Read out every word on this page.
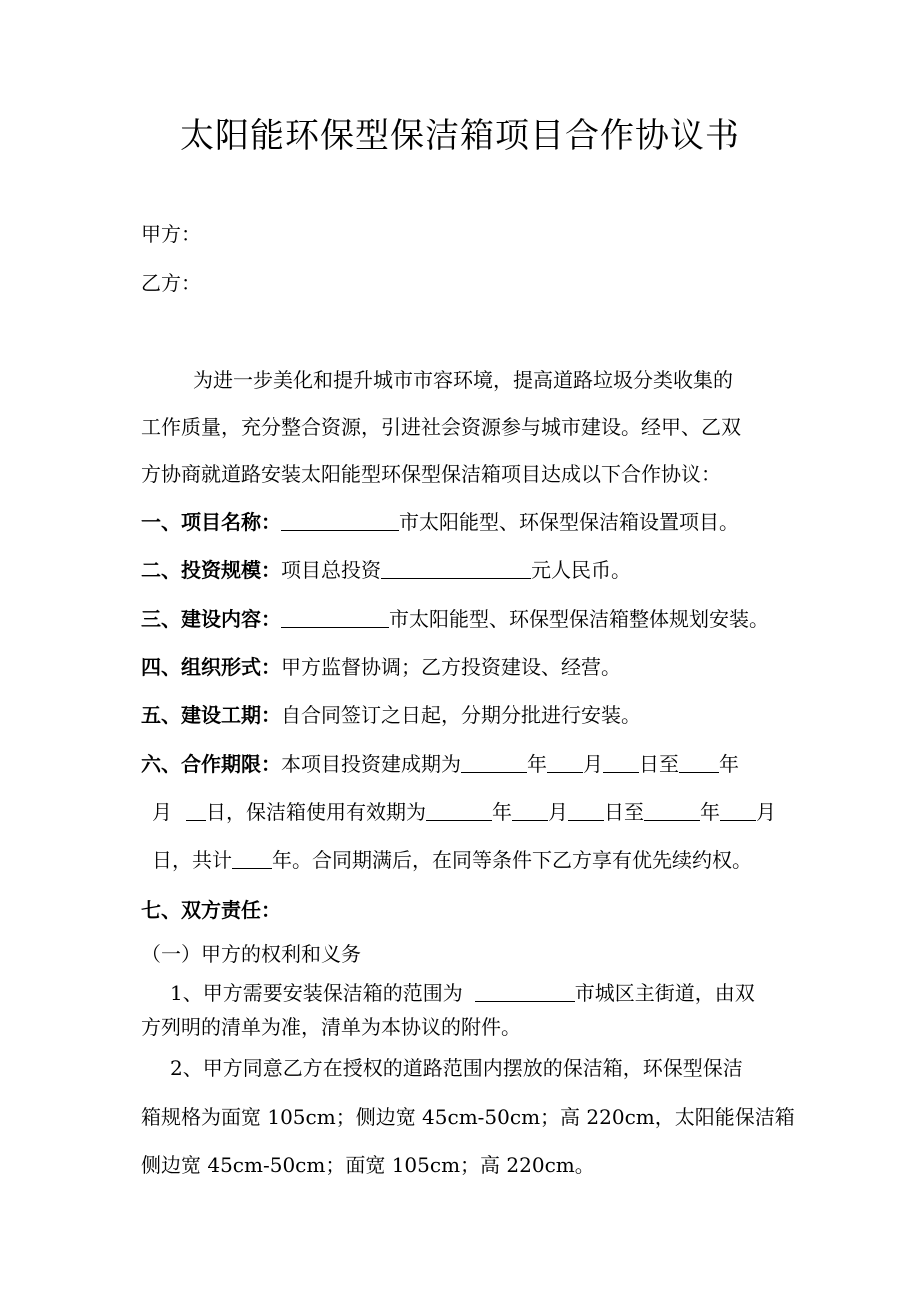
太阳能环保型保洁箱项目合作协议书
甲方：
乙方：
为进一步美化和提升城市市容环境，提高道路垃圾分类收集的
工作质量，充分整合资源，引进社会资源参与城市建设。经甲、乙双
方协商就道路安装太阳能型环保型保洁箱项目达成以下合作协议：
一、项目名称：	市太阳能型、环保型保洁箱设置项目。
二、投资规模：项目总投资	元人民币。
三、建设内容：	市太阳能型、环保型保洁箱整体规划安装。
四、组织形式：甲方监督协调；乙方投资建设、经营。
五、建设工期：自合同签订之日起，分期分批进行安装。
六、合作期限：本项目投资建成期为	年 月 日至 年
月 日，保洁箱使用有效期为	年 月 日至	年 月
日，共计 年。合同期满后，在同等条件下乙方享有优先续约权。
七、双方责任：
（一）甲方的权利和义务
1、甲方需要安装保洁箱的范围为	市城区主街道，由双
方列明的清单为准，清单为本协议的附件。
2、甲方同意乙方在授权的道路范围内摆放的保洁箱，环保型保洁
箱规格为面宽 105cm；侧边宽 45cm-50cm；高 220cm，太阳能保洁箱
侧边宽 45cm-50cm；面宽 105cm；高 220cm。
